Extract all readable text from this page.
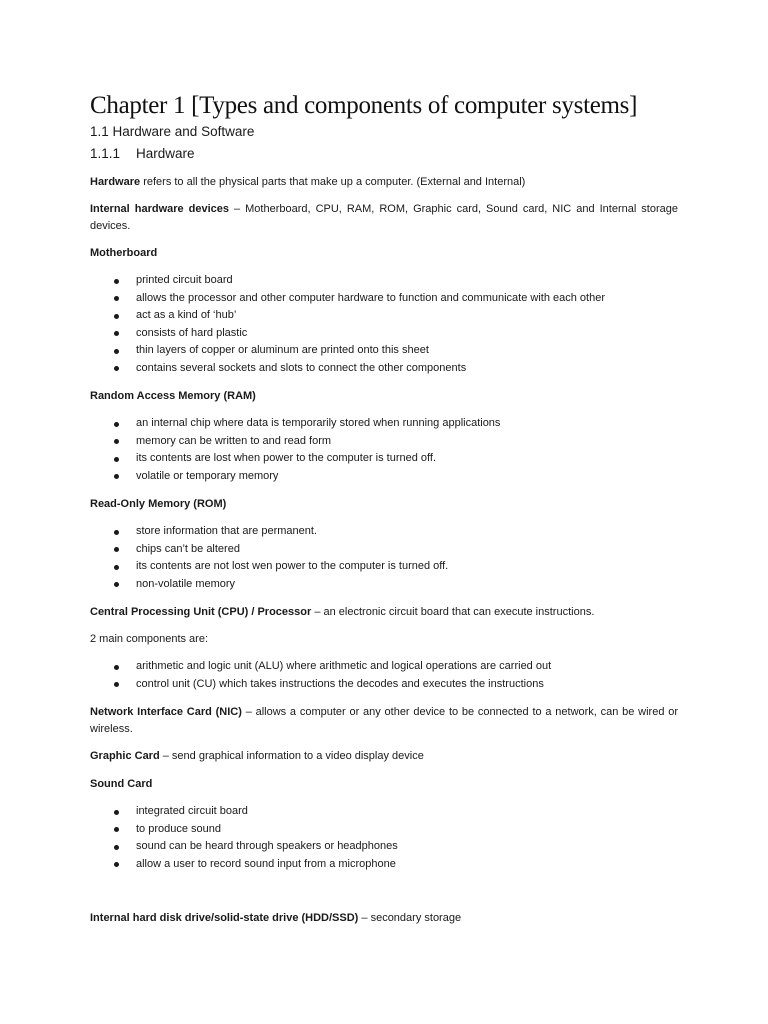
Chapter 1 [Types and components of computer systems]
1.1 Hardware and Software
1.1.1 Hardware

Hardware refers to all the physical parts that make up a computer. (External and Internal)

Internal hardware devices – Motherboard, CPU, RAM, ROM, Graphic card, Sound card, NIC and Internal storage devices.

Motherboard

printed circuit board
allows the processor and other computer hardware to function and communicate with each other
act as a kind of ‘hub’
consists of hard plastic
thin layers of copper or aluminum are printed onto this sheet
contains several sockets and slots to connect the other components

Random Access Memory (RAM)

an internal chip where data is temporarily stored when running applications
memory can be written to and read form
its contents are lost when power to the computer is turned off.
volatile or temporary memory

Read-Only Memory (ROM)

store information that are permanent.
chips can’t be altered
its contents are not lost wen power to the computer is turned off.
non-volatile memory

Central Processing Unit (CPU) / Processor – an electronic circuit board that can execute instructions.

2 main components are:

arithmetic and logic unit (ALU) where arithmetic and logical operations are carried out
control unit (CU) which takes instructions the decodes and executes the instructions

Network Interface Card (NIC) – allows a computer or any other device to be connected to a network, can be wired or wireless.

Graphic Card – send graphical information to a video display device

Sound Card

integrated circuit board
to produce sound
sound can be heard through speakers or headphones
allow a user to record sound input from a microphone

Internal hard disk drive/solid-state drive (HDD/SSD) – secondary storage
